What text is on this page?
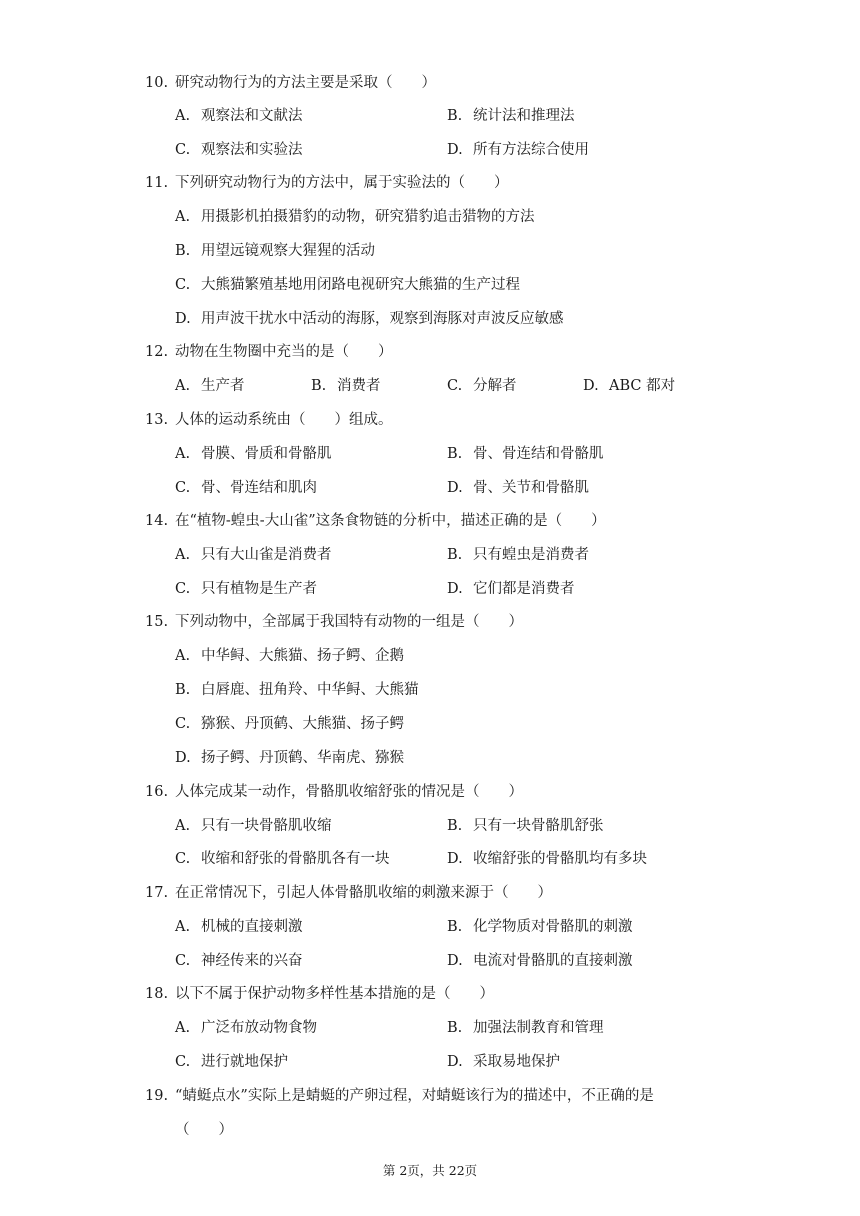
10. 研究动物行为的方法主要是采取（　　）
A. 观察法和文献法	B. 统计法和推理法
C. 观察法和实验法	D. 所有方法综合使用
11. 下列研究动物行为的方法中，属于实验法的（　　）
A. 用摄影机拍摄猎豹的动物，研究猎豹追击猎物的方法
B. 用望远镜观察大猩猩的活动
C. 大熊猫繁殖基地用闭路电视研究大熊猫的生产过程
D. 用声波干扰水中活动的海豚，观察到海豚对声波反应敏感
12. 动物在生物圈中充当的是（　　）
A. 生产者	B. 消费者	C. 分解者	D. ABC 都对
13. 人体的运动系统由（　　）组成。
A. 骨膜、骨质和骨骼肌	B. 骨、骨连结和骨骼肌
C. 骨、骨连结和肌肉	D. 骨、关节和骨骼肌
14. 在“植物-蝗虫-大山雀”这条食物链的分析中，描述正确的是（　　）
A. 只有大山雀是消费者	B. 只有蝗虫是消费者
C. 只有植物是生产者	D. 它们都是消费者
15. 下列动物中，全部属于我国特有动物的一组是（　　）
A. 中华鲟、大熊猫、扬子鳄、企鹅
B. 白唇鹿、扭角羚、中华鲟、大熊猫
C. 猕猴、丹顶鹤、大熊猫、扬子鳄
D. 扬子鳄、丹顶鹤、华南虎、猕猴
16. 人体完成某一动作，骨骼肌收缩舒张的情况是（　　）
A. 只有一块骨骼肌收缩	B. 只有一块骨骼肌舒张
C. 收缩和舒张的骨骼肌各有一块	D. 收缩舒张的骨骼肌均有多块
17. 在正常情况下，引起人体骨骼肌收缩的刺激来源于（　　）
A. 机械的直接刺激	B. 化学物质对骨骼肌的刺激
C. 神经传来的兴奋	D. 电流对骨骼肌的直接刺激
18. 以下不属于保护动物多样性基本措施的是（　　）
A. 广泛布放动物食物	B. 加强法制教育和管理
C. 进行就地保护	D. 采取易地保护
19. “蜻蜓点水”实际上是蜻蜓的产卵过程，对蜻蜓该行为的描述中，不正确的是
（　　）
第 2页，共 22页
